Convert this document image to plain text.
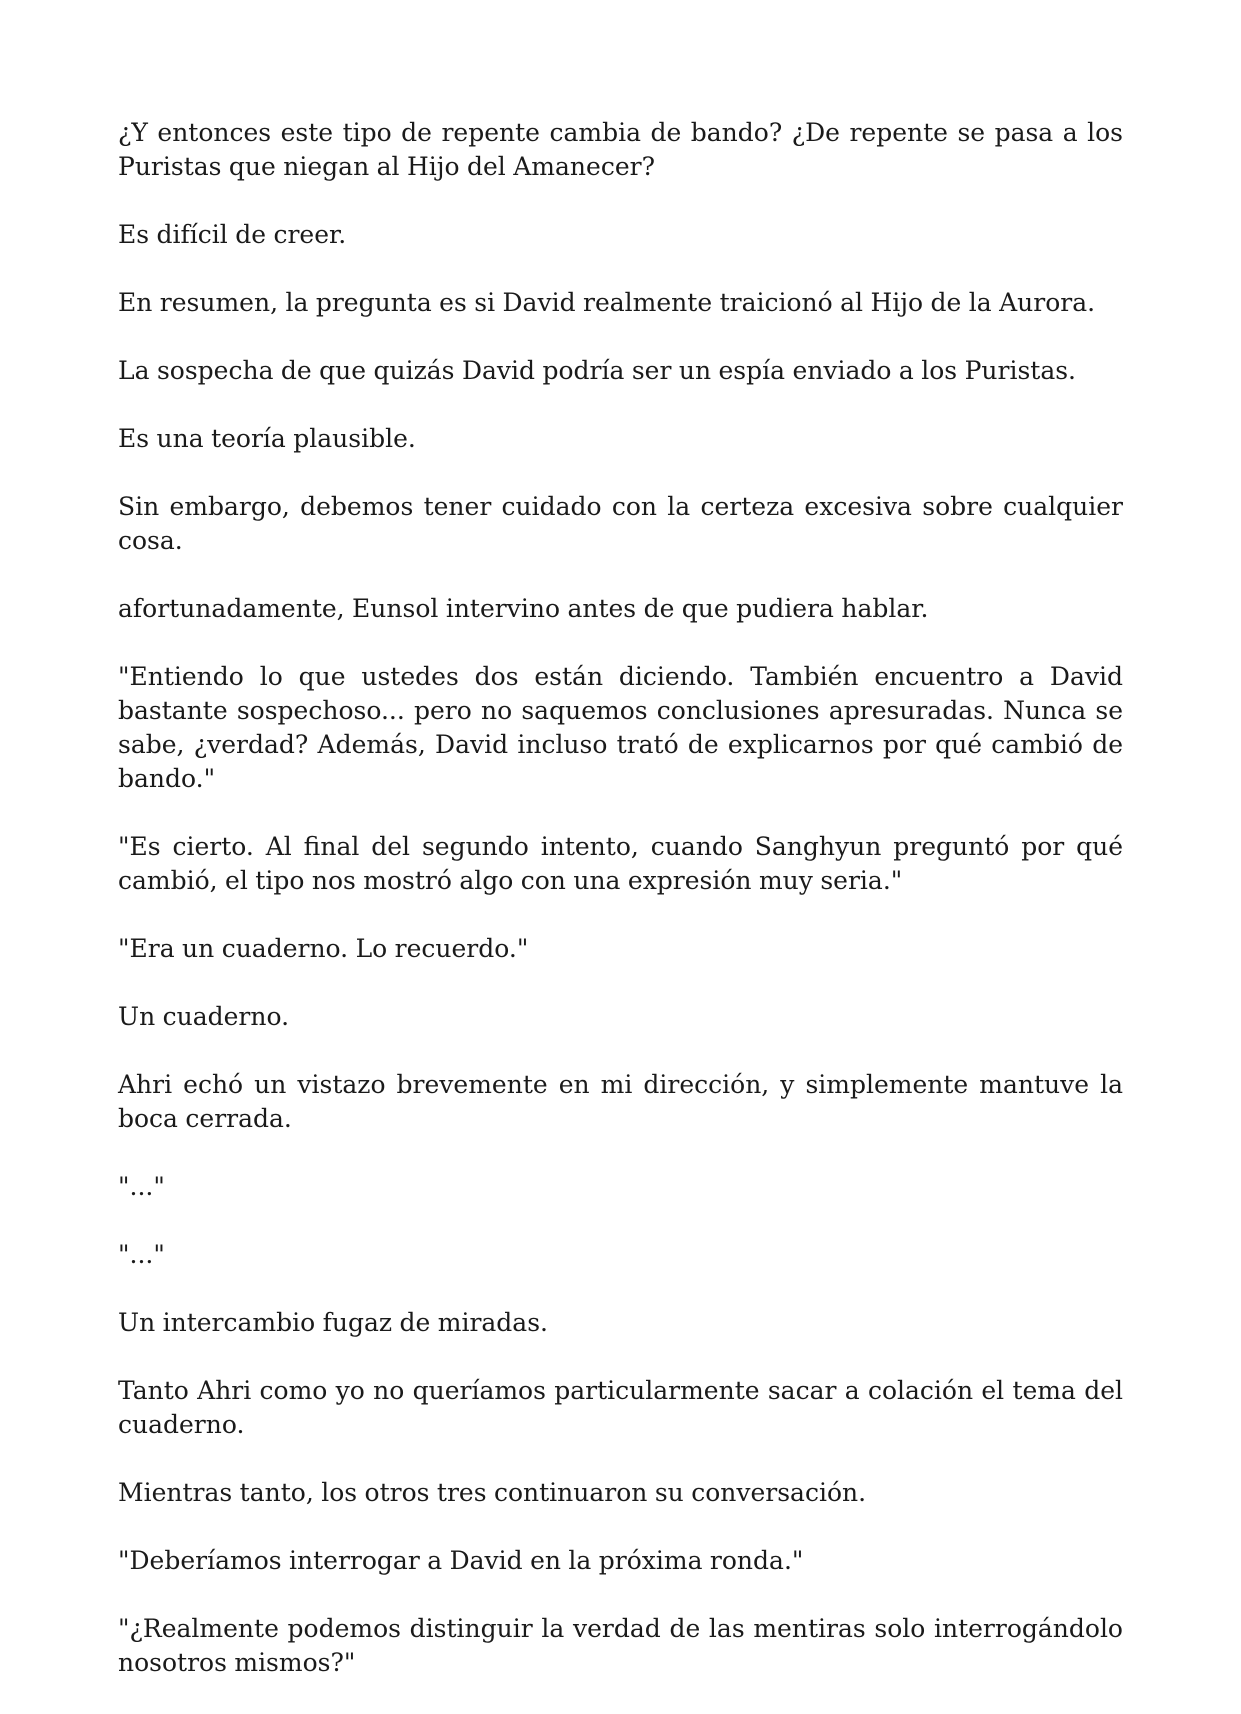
¿Y entonces este tipo de repente cambia de bando? ¿De repente se pasa a los Puristas que niegan al Hijo del Amanecer?

Es difícil de creer.

En resumen, la pregunta es si David realmente traicionó al Hijo de la Aurora.

La sospecha de que quizás David podría ser un espía enviado a los Puristas.

Es una teoría plausible.

Sin embargo, debemos tener cuidado con la certeza excesiva sobre cualquier cosa.

afortunadamente, Eunsol intervino antes de que pudiera hablar.

"Entiendo lo que ustedes dos están diciendo. También encuentro a David bastante sospechoso... pero no saquemos conclusiones apresuradas. Nunca se sabe, ¿verdad? Además, David incluso trató de explicarnos por qué cambió de bando."

"Es cierto. Al final del segundo intento, cuando Sanghyun preguntó por qué cambió, el tipo nos mostró algo con una expresión muy seria."

"Era un cuaderno. Lo recuerdo."

Un cuaderno.

Ahri echó un vistazo brevemente en mi dirección, y simplemente mantuve la boca cerrada.

"..."

"..."

Un intercambio fugaz de miradas.

Tanto Ahri como yo no queríamos particularmente sacar a colación el tema del cuaderno.

Mientras tanto, los otros tres continuaron su conversación.

"Deberíamos interrogar a David en la próxima ronda."

"¿Realmente podemos distinguir la verdad de las mentiras solo interrogándolo nosotros mismos?"
